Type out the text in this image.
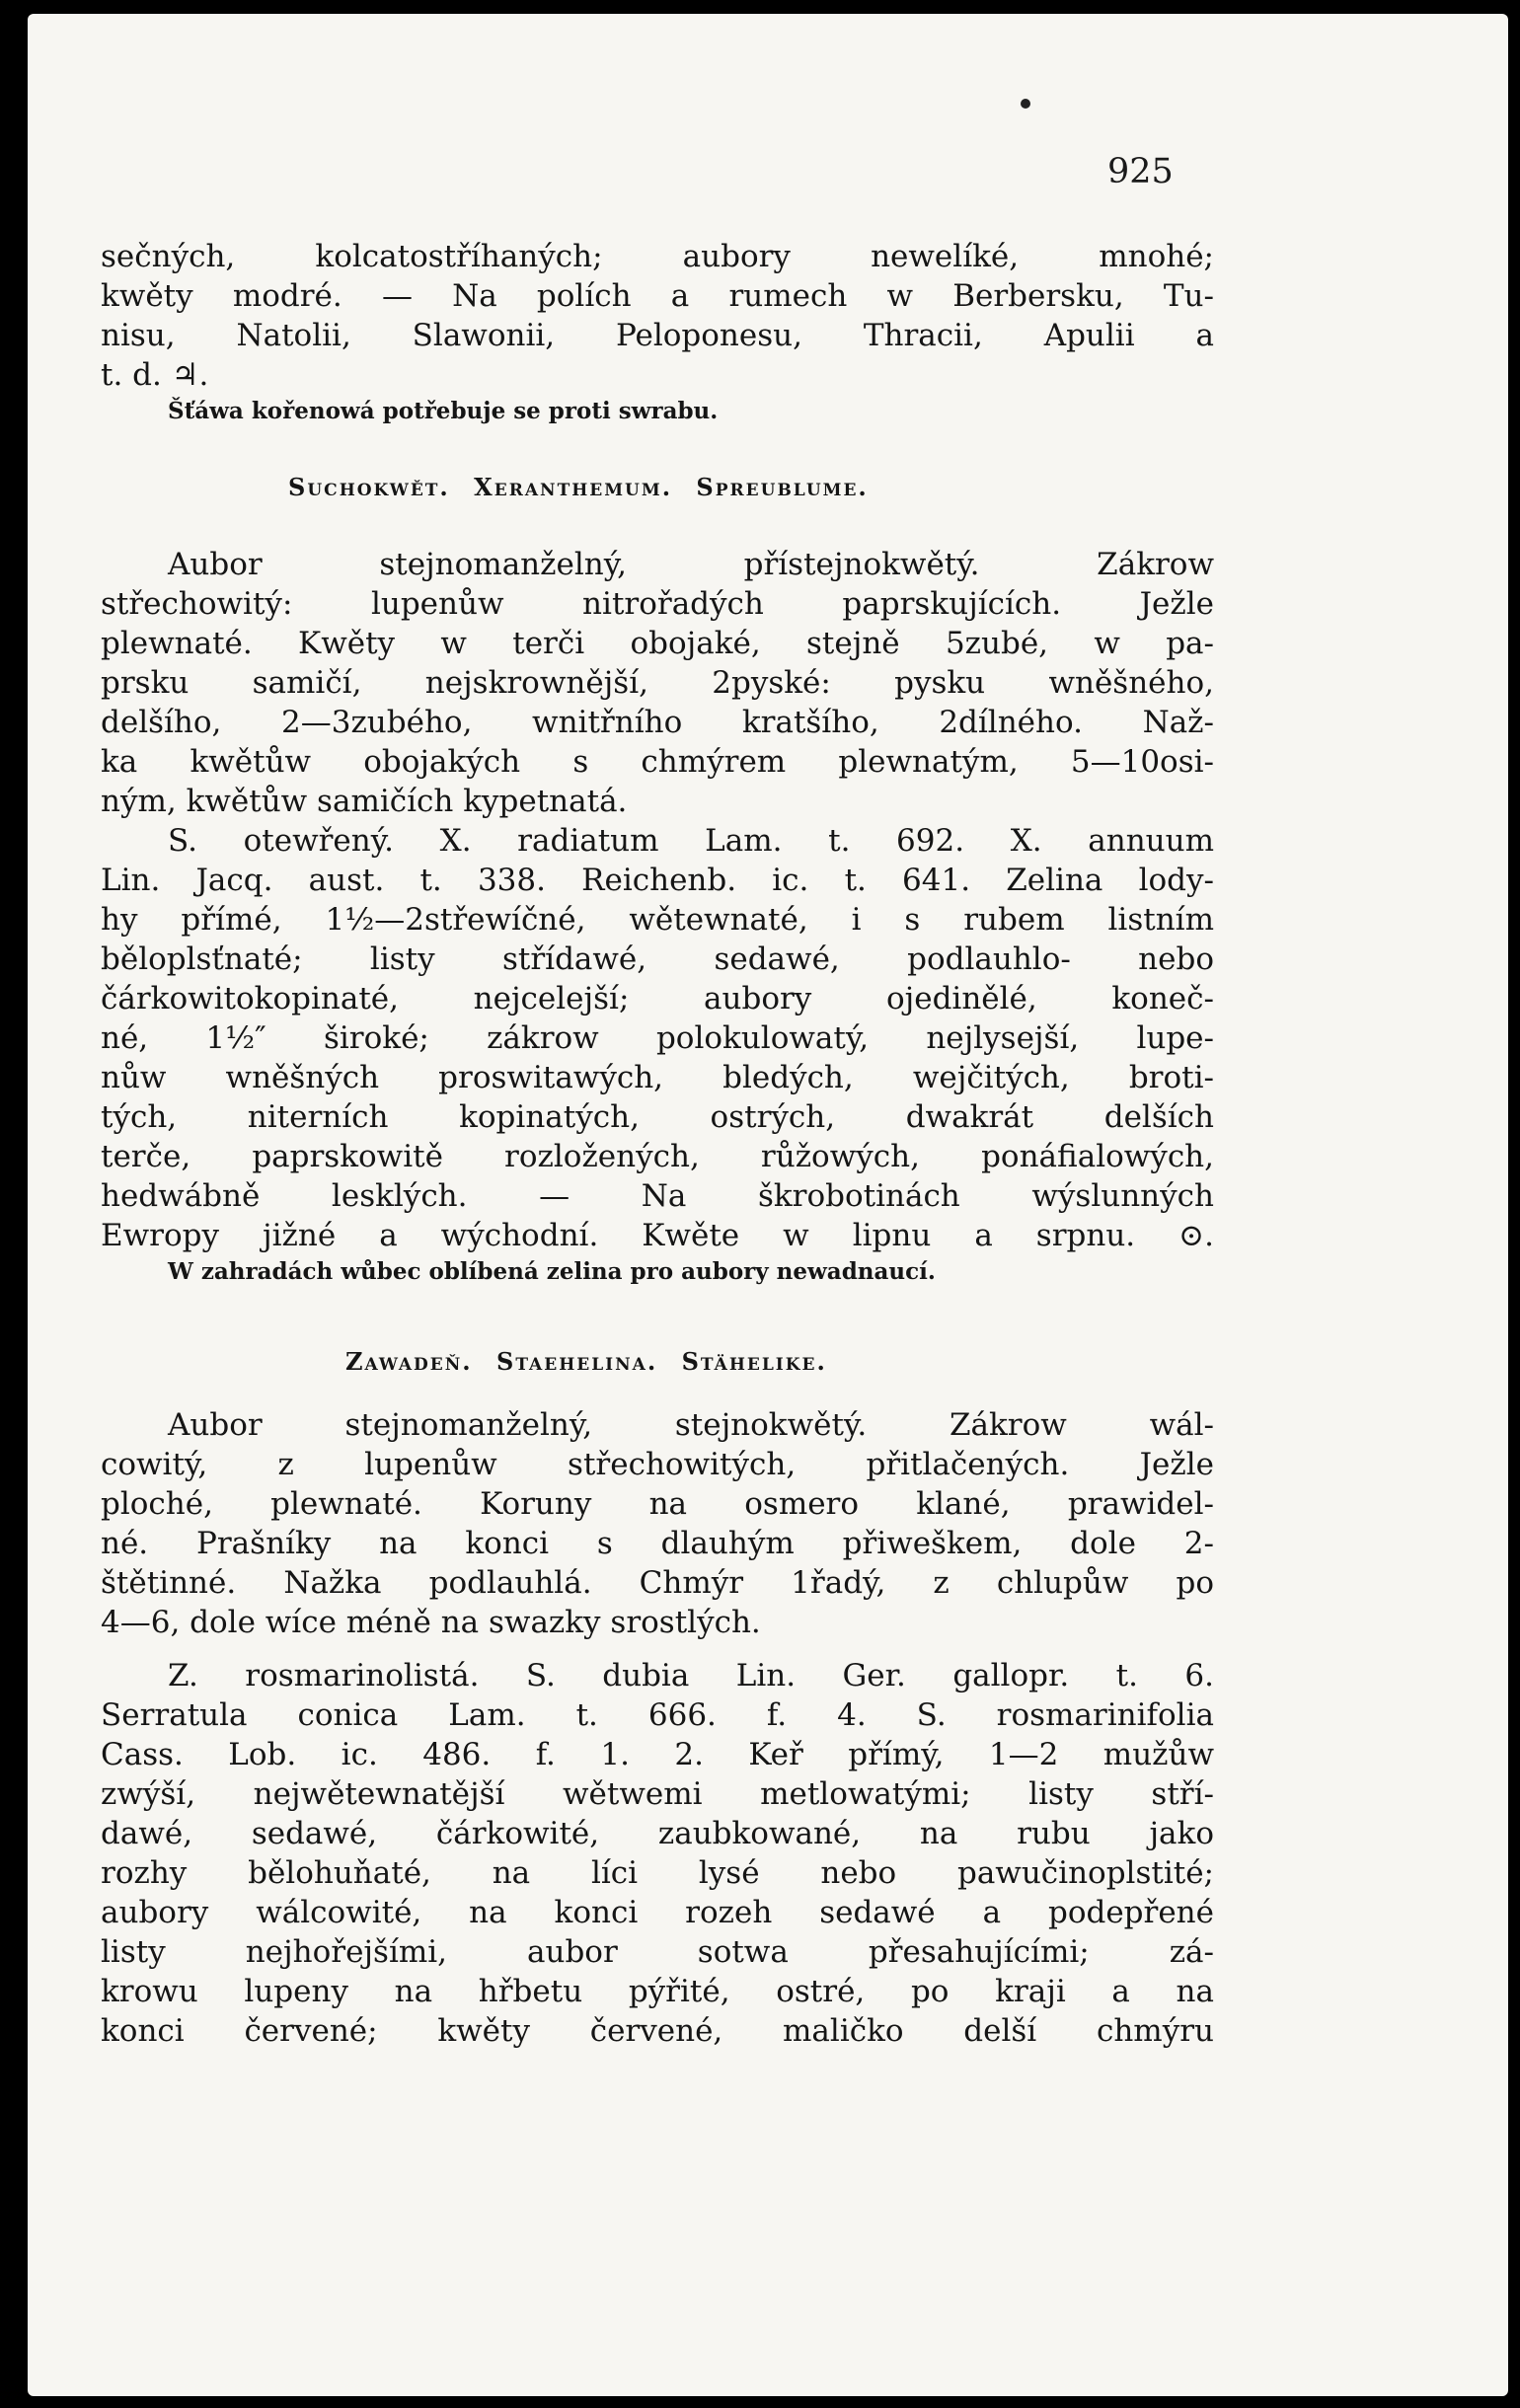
925
sečných, kolcatostříhaných; aubory newelíké, mnohé;
kwěty modré. — Na polích a rumech w Berbersku, Tu-
nisu, Natolii, Slawonii, Peloponesu, Thracii, Apulii a
t. d. ♃.
Šťáwa kořenowá potřebuje se proti swrabu.
Suchokwět. Xeranthemum. Spreublume.
Aubor stejnomanželný, přístejnokwětý. Zákrow
střechowitý: lupenůw nitrořadých paprskujících. Ježle
plewnaté. Kwěty w terči obojaké, stejně 5zubé, w pa-
prsku samičí, nejskrownější, 2pyské: pysku wněšného,
delšího, 2—3zubého, wnitřního kratšího, 2dílného. Naž-
ka kwětůw obojakých s chmýrem plewnatým, 5—10osi-
ným, kwětůw samičích kypetnatá.
S. otewřený. X. radiatum Lam. t. 692. X. annuum
Lin. Jacq. aust. t. 338. Reichenb. ic. t. 641. Zelina lody-
hy přímé, 1½—2střewíčné, wětewnaté, i s rubem listním
běloplsťnaté; listy střídawé, sedawé, podlauhlo- nebo
čárkowitokopinaté, nejcelejší; aubory ojedinělé, koneč-
né, 1½″ široké; zákrow polokulowatý, nejlysejší, lupe-
nůw wněšných proswitawých, bledých, wejčitých, broti-
tých, niterních kopinatých, ostrých, dwakrát delších
terče, paprskowitě rozložených, růžowých, ponáfialowých,
hedwábně lesklých. — Na škrobotinách wýslunných
Ewropy jižné a wýchodní. Kwěte w lipnu a srpnu. ⊙.
W zahradách wůbec oblíbená zelina pro aubory newadnaucí.
Zawadeň. Staehelina. Stähelike.
Aubor stejnomanželný, stejnokwětý. Zákrow wál-
cowitý, z lupenůw střechowitých, přitlačených. Ježle
ploché, plewnaté. Koruny na osmero klané, prawidel-
né. Prašníky na konci s dlauhým přiweškem, dole 2-
štětinné. Nažka podlauhlá. Chmýr 1řadý, z chlupůw po
4—6, dole wíce méně na swazky srostlých.
Z. rosmarinolistá. S. dubia Lin. Ger. gallopr. t. 6.
Serratula conica Lam. t. 666. f. 4. S. rosmarinifolia
Cass. Lob. ic. 486. f. 1. 2. Keř přímý, 1—2 mužůw
zwýší, nejwětewnatější wětwemi metlowatými; listy stří-
dawé, sedawé, čárkowité, zaubkowané, na rubu jako
rozhy bělohuňaté, na líci lysé nebo pawučinoplstité;
aubory wálcowité, na konci rozeh sedawé a podepřené
listy nejhořejšími, aubor sotwa přesahujícími; zá-
krowu lupeny na hřbetu pýřité, ostré, po kraji a na
konci červené; kwěty červené, maličko delší chmýru
